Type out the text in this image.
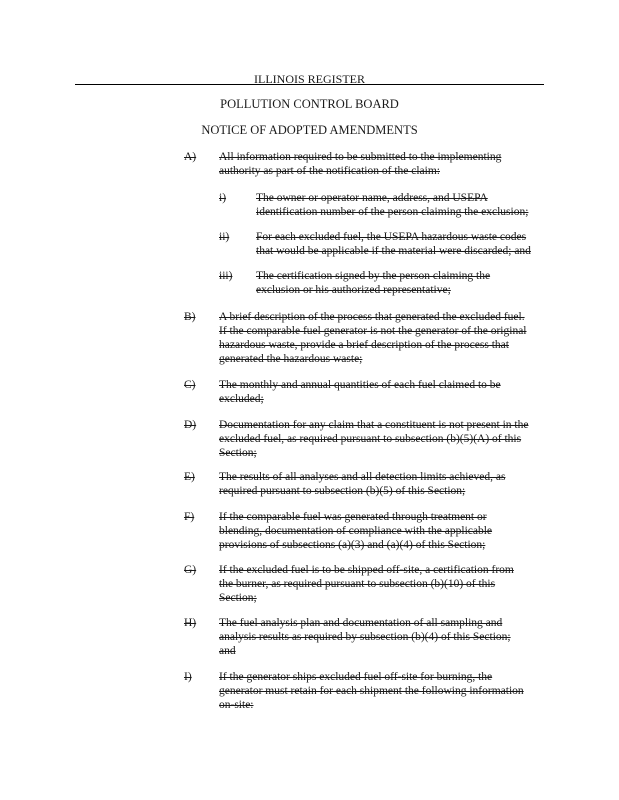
ILLINOIS REGISTER
POLLUTION CONTROL BOARD
NOTICE OF ADOPTED AMENDMENTS
A) All information required to be submitted to the implementing
authority as part of the notification of the claim:
i)	The owner or operator name, address, and USEPA
identification number of the person claiming the exclusion;
ii) For each excluded fuel, the USEPA hazardous waste codes
that would be applicable if the material were discarded; and
iii) The certification signed by the person claiming the
exclusion or his authorized representative;
B) A brief description of the process that generated the excluded fuel.
If the comparable fuel generator is not the generator of the original
hazardous waste, provide a brief description of the process that
generated the hazardous waste;
C) The monthly and annual quantities of each fuel claimed to be
excluded;
D) Documentation for any claim that a constituent is not present in the
excluded fuel, as required pursuant to subsection (b)(5)(A) of this
Section;
E) The results of all analyses and all detection limits achieved, as
required pursuant to subsection (b)(5) of this Section;
F) If the comparable fuel was generated through treatment or
blending, documentation of compliance with the applicable
provisions of subsections (a)(3) and (a)(4) of this Section;
G) If the excluded fuel is to be shipped off-site, a certification from
the burner, as required pursuant to subsection (b)(10) of this
Section;
H) The fuel analysis plan and documentation of all sampling and
analysis results as required by subsection (b)(4) of this Section;
and
I) If the generator ships excluded fuel off-site for burning, the
generator must retain for each shipment the following information
on-site:
